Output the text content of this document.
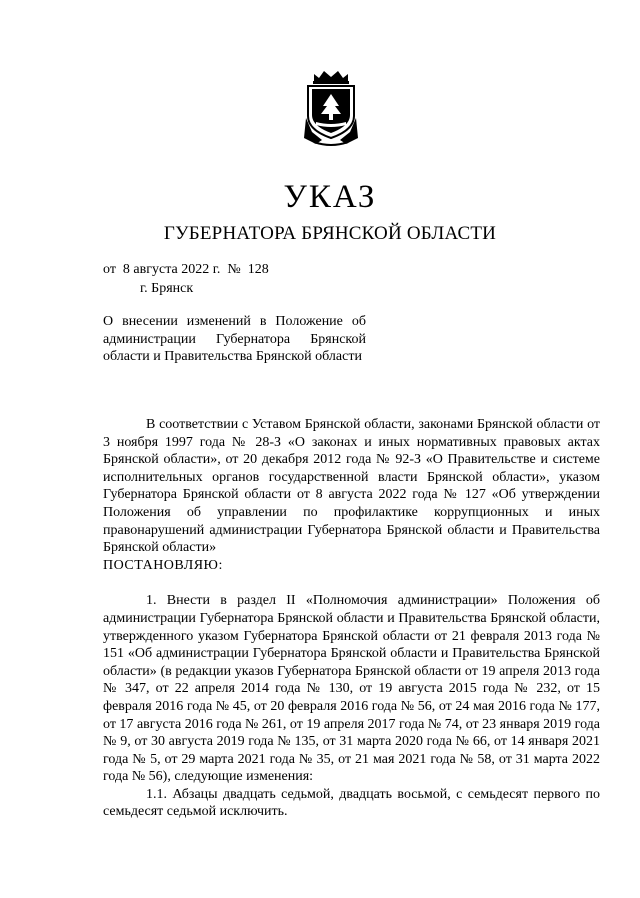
УКАЗ
ГУБЕРНАТОРА БРЯНСКОЙ ОБЛАСТИ
от  8 августа 2022 г.  №  128
г. Брянск
О внесении изменений в Положение об администрации Губернатора Брянской области и Правительства Брянской области

В соответствии с Уставом Брянской области, законами Брянской области от 3 ноября 1997 года № 28-З «О законах и иных нормативных правовых актах Брянской области», от 20 декабря 2012 года № 92-З «О Правительстве и системе исполнительных органов государственной власти Брянской области», указом Губернатора Брянской области от 8 августа 2022 года № 127 «Об утверждении Положения об управлении по профилактике коррупционных и иных правонарушений администрации Губернатора Брянской области и Правительства Брянской области»

ПОСТАНОВЛЯЮ:

1. Внести в раздел II «Полномочия администрации» Положения об администрации Губернатора Брянской области и Правительства Брянской области, утвержденного указом Губернатора Брянской области от 21 февраля 2013 года № 151 «Об администрации Губернатора Брянской области и Правительства Брянской области» (в редакции указов Губернатора Брянской области от 19 апреля 2013 года № 347, от 22 апреля 2014 года № 130, от 19 августа 2015 года № 232, от 15 февраля 2016 года № 45, от 20 февраля 2016 года № 56, от 24 мая 2016 года № 177, от 17 августа 2016 года № 261, от 19 апреля 2017 года № 74, от 23 января 2019 года № 9, от 30 августа 2019 года № 135, от 31 марта 2020 года № 66, от 14 января 2021 года № 5, от 29 марта 2021 года № 35, от 21 мая 2021 года № 58, от 31 марта 2022 года № 56), следующие изменения:

1.1. Абзацы двадцать седьмой, двадцать восьмой, с семьдесят первого по семьдесят седьмой исключить.
